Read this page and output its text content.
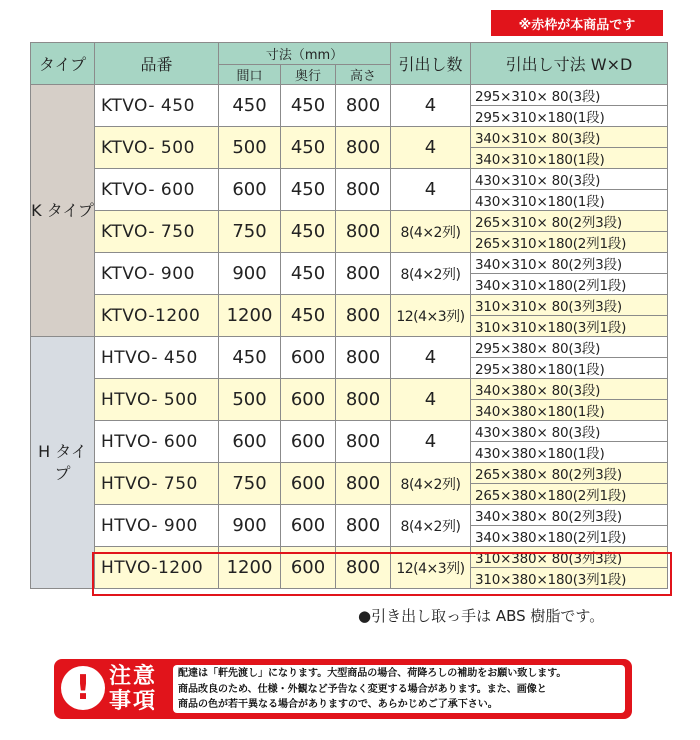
※赤枠が本商品です
タイプ	品番	寸法（mm）			引出し数	引出し寸法 W×D
		間口	奥行	高さ		
K タイプ	KTVO- 450	450	450	800	4	295×310× 80(3段)
						295×310×180(1段)
	KTVO- 500	500	450	800	4	340×310× 80(3段)
						340×310×180(1段)
	KTVO- 600	600	450	800	4	430×310× 80(3段)
						430×310×180(1段)
	KTVO- 750	750	450	800	8(4×2列)	265×310× 80(2列3段)
						265×310×180(2列1段)
	KTVO- 900	900	450	800	8(4×2列)	340×310× 80(2列3段)
						340×310×180(2列1段)
	KTVO-1200	1200	450	800	12(4×3列)	310×310× 80(3列3段)
						310×310×180(3列1段)
H タイプ	HTVO- 450	450	600	800	4	295×380× 80(3段)
						295×380×180(1段)
	HTVO- 500	500	600	800	4	340×380× 80(3段)
						340×380×180(1段)
	HTVO- 600	600	600	800	4	430×380× 80(3段)
						430×380×180(1段)
	HTVO- 750	750	600	800	8(4×2列)	265×380× 80(2列3段)
						265×380×180(2列1段)
	HTVO- 900	900	600	800	8(4×2列)	340×380× 80(2列3段)
						340×380×180(2列1段)
	HTVO-1200	1200	600	800	12(4×3列)	310×380× 80(3列3段)
						310×380×180(3列1段)
●引き出し取っ手は ABS 樹脂です。
! 注意
事項
配達は「軒先渡し」になります。大型商品の場合、荷降ろしの補助をお願い致します。
商品改良のため、仕様・外観など予告なく変更する場合があります。また、画像と
商品の色が若干異なる場合がありますので、あらかじめご了承下さい。
